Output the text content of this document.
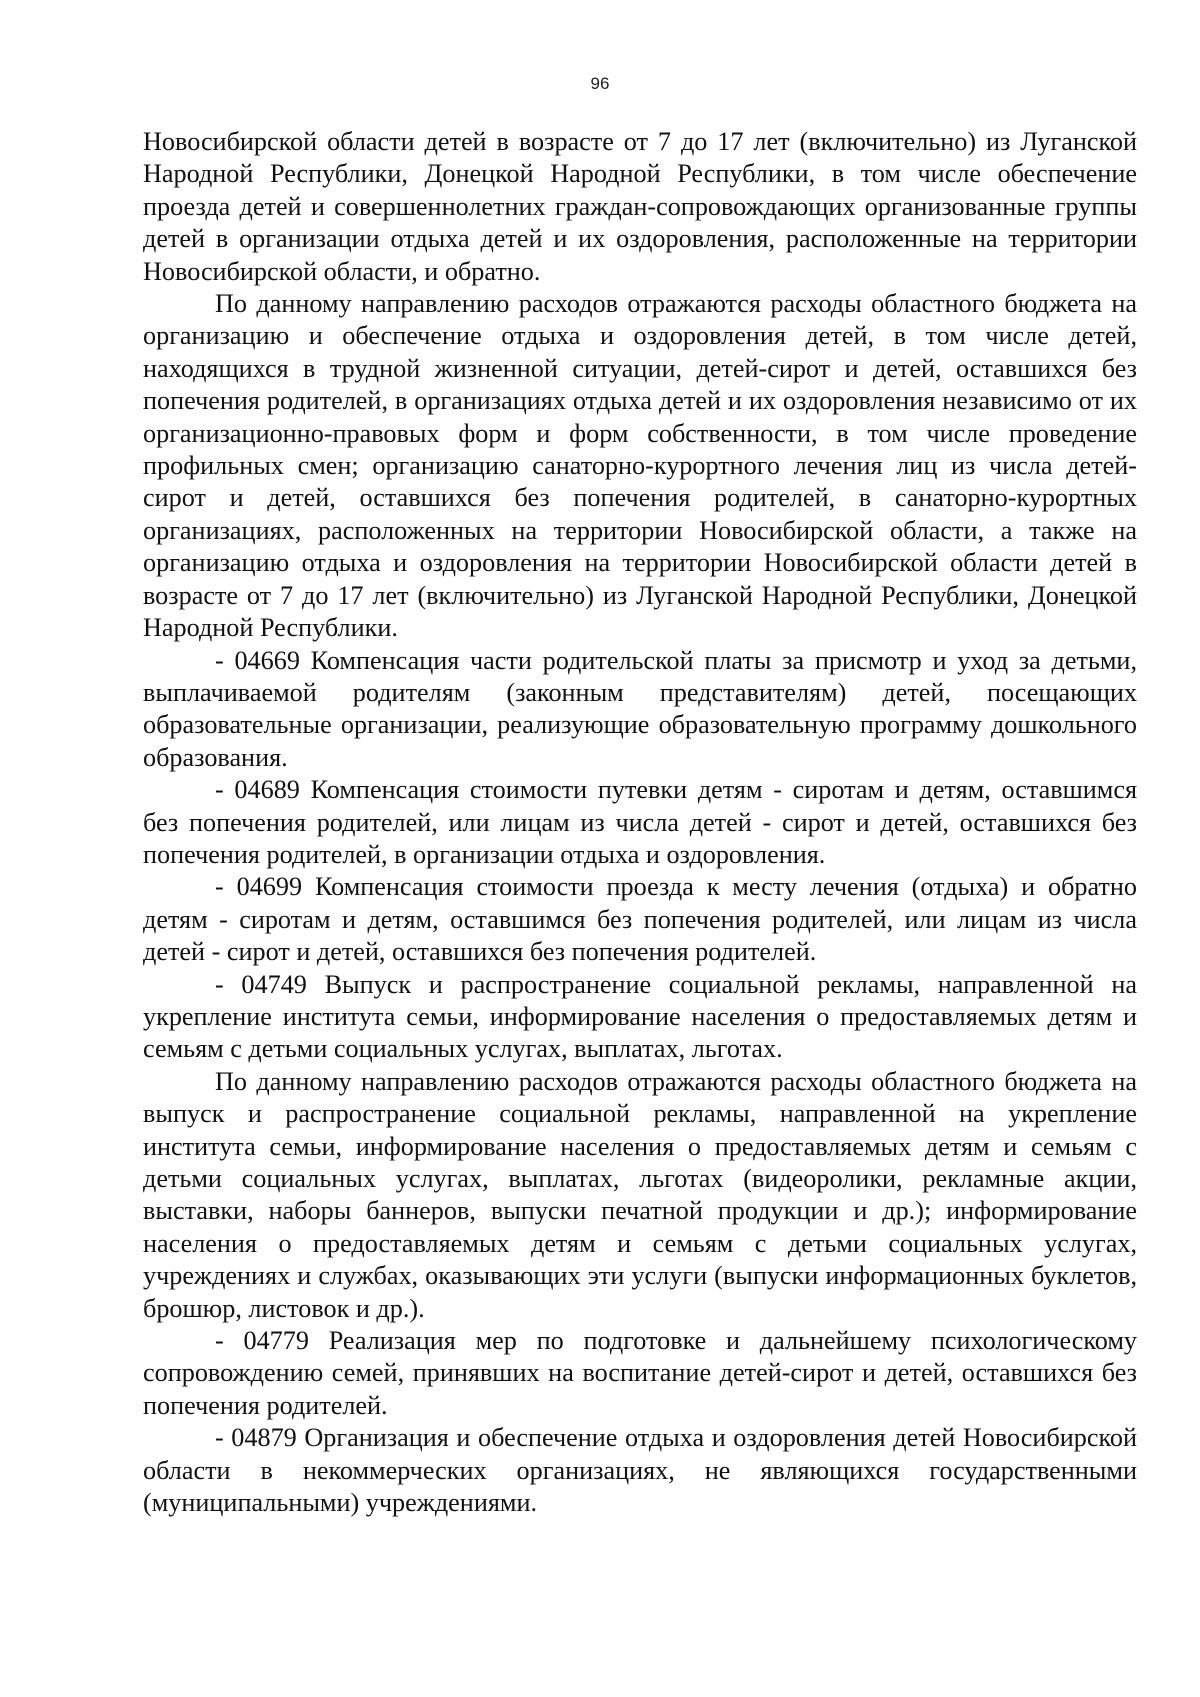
96

Новосибирской области детей в возрасте от 7 до 17 лет (включительно) из Луганской Народной Республики, Донецкой Народной Республики, в том числе обеспечение проезда детей и совершеннолетних граждан-сопровождающих организованные группы детей в организации отдыха детей и их оздоровления, расположенные на территории Новосибирской области, и обратно.

По данному направлению расходов отражаются расходы областного бюджета на организацию и обеспечение отдыха и оздоровления детей, в том числе детей, находящихся в трудной жизненной ситуации, детей-сирот и детей, оставшихся без попечения родителей, в организациях отдыха детей и их оздоровления независимо от их организационно-правовых форм и форм собственности, в том числе проведение профильных смен; организацию санаторно-курортного лечения лиц из числа детей-сирот и детей, оставшихся без попечения родителей, в санаторно-курортных организациях, расположенных на территории Новосибирской области, а также на организацию отдыха и оздоровления на территории Новосибирской области детей в возрасте от 7 до 17 лет (включительно) из Луганской Народной Республики, Донецкой Народной Республики.

- 04669 Компенсация части родительской платы за присмотр и уход за детьми, выплачиваемой родителям (законным представителям) детей, посещающих образовательные организации, реализующие образовательную программу дошкольного образования.

- 04689 Компенсация стоимости путевки детям - сиротам и детям, оставшимся без попечения родителей, или лицам из числа детей - сирот и детей, оставшихся без попечения родителей, в организации отдыха и оздоровления.

- 04699 Компенсация стоимости проезда к месту лечения (отдыха) и обратно детям - сиротам и детям, оставшимся без попечения родителей, или лицам из числа детей - сирот и детей, оставшихся без попечения родителей.

- 04749 Выпуск и распространение социальной рекламы, направленной на укрепление института семьи, информирование населения о предоставляемых детям и семьям с детьми социальных услугах, выплатах, льготах.

По данному направлению расходов отражаются расходы областного бюджета на выпуск и распространение социальной рекламы, направленной на укрепление института семьи, информирование населения о предоставляемых детям и семьям с детьми социальных услугах, выплатах, льготах (видеоролики, рекламные акции, выставки, наборы баннеров, выпуски печатной продукции и др.); информирование населения о предоставляемых детям и семьям с детьми социальных услугах, учреждениях и службах, оказывающих эти услуги (выпуски информационных буклетов, брошюр, листовок и др.).

- 04779 Реализация мер по подготовке и дальнейшему психологическому сопровождению семей, принявших на воспитание детей-сирот и детей, оставшихся без попечения родителей.

- 04879 Организация и обеспечение отдыха и оздоровления детей Новосибирской области в некоммерческих организациях, не являющихся государственными (муниципальными) учреждениями.
